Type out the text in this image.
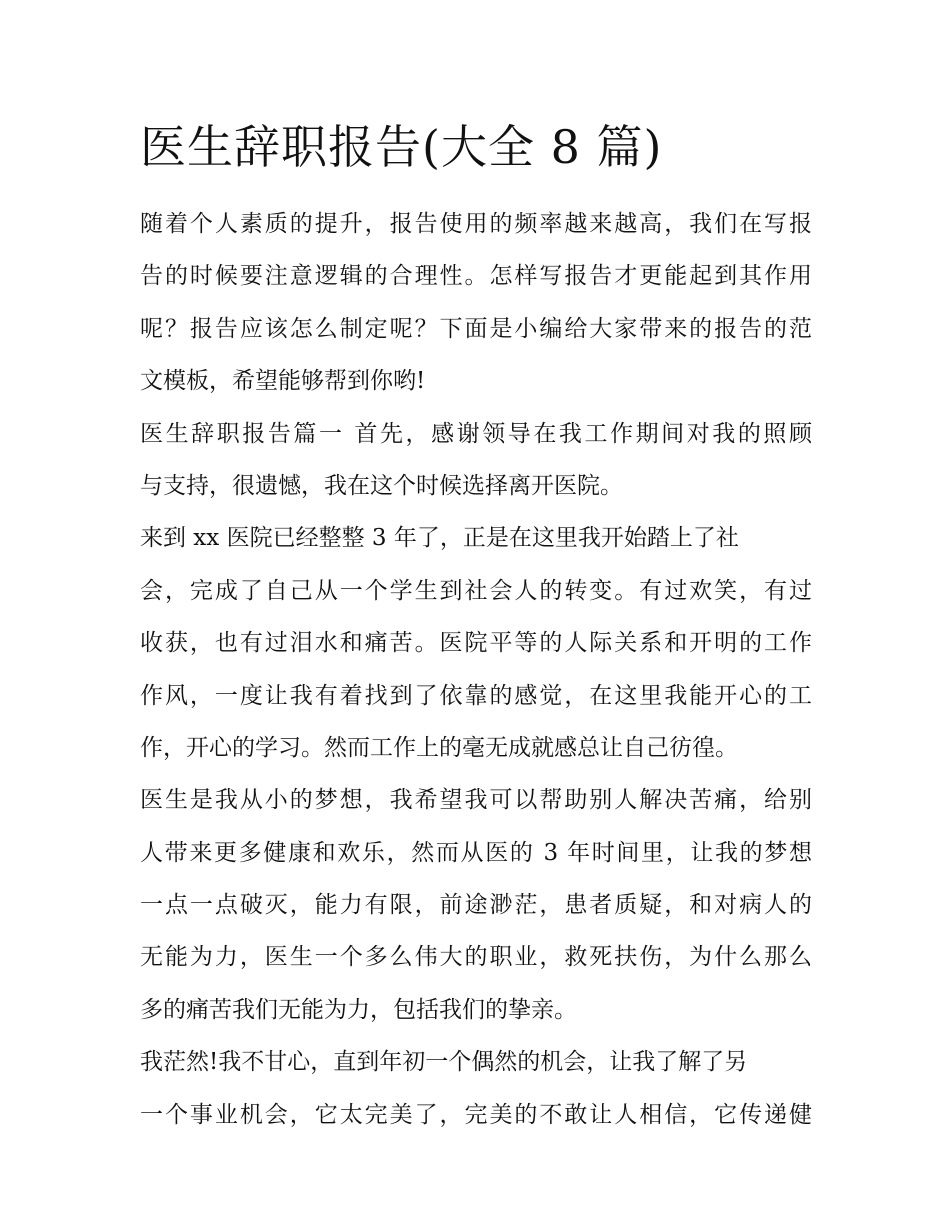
医生辞职报告(大全 8 篇)
随着个人素质的提升，报告使用的频率越来越高，我们在写报
告的时候要注意逻辑的合理性。怎样写报告才更能起到其作用
呢？报告应该怎么制定呢？下面是小编给大家带来的报告的范
文模板，希望能够帮到你哟!
医生辞职报告篇一 首先，感谢领导在我工作期间对我的照顾
与支持，很遗憾，我在这个时候选择离开医院。
来到 xx 医院已经整整 3 年了，正是在这里我开始踏上了社
会，完成了自己从一个学生到社会人的转变。有过欢笑，有过
收获，也有过泪水和痛苦。医院平等的人际关系和开明的工作
作风，一度让我有着找到了依靠的感觉，在这里我能开心的工
作，开心的学习。然而工作上的毫无成就感总让自己彷徨。
医生是我从小的梦想，我希望我可以帮助别人解决苦痛，给别
人带来更多健康和欢乐，然而从医的 3 年时间里，让我的梦想
一点一点破灭，能力有限，前途渺茫，患者质疑，和对病人的
无能为力，医生一个多么伟大的职业，救死扶伤，为什么那么
多的痛苦我们无能为力，包括我们的挚亲。
我茫然!我不甘心，直到年初一个偶然的机会，让我了解了另
一个事业机会，它太完美了，完美的不敢让人相信，它传递健
